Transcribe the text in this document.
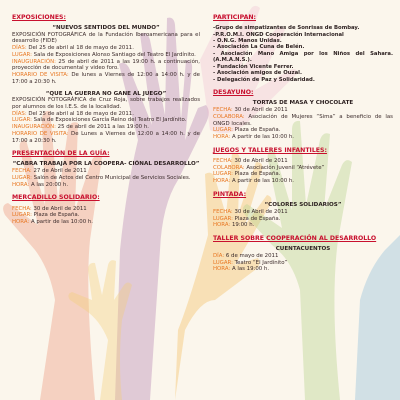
EXPOSICIONES:
“NUEVOS SENTIDOS DEL MUNDO”
EXPOSICIÓN FOTOGRÁFICA de la Fundación Iberoamericana para el desarrollo (FIDE)
DÍAS: Del 25 de abril al 18 de mayo de 2011.
LUGAR: Sala de Exposiciones Alonso Santiago del Teatro El Jardínito.
INAUGURACIÓN: 25 de abril de 2011 a las 19:00 h. a continuación, proyección de documental y video foro.
HORARIO DE VISITA: De lunes a Viernes de 12:00 a 14:00 h. y de 17:00 a 20:30 h.
“QUE LA GUERRA NO GANE AL JUEGO”
EXPOSICIÓN FOTOGRÁFICA de Cruz Roja, sobre trabajos realizados por alumnos de los I.E.S. de la localidad.
DÍAS: Del 25 de abril al 18 de mayo de 2011.
LUGAR: Sala de Exposiciones García Reino del Teatro El Jardínito.
INAUGURACIÓN: 25 de abril de 2011 a las 19:00 h.
HORARIO DE VISITA: De Lunes a Viernes de 12:00 a 14:00 h. y de 17:00 a 20:30 h.
PRESENTACIÓN DE LA GUÍA:
“CABRA TRABAJA POR LA COOPERA- CIÓNAL DESARROLLO”
FECHA: 27 de Abril de 2011
LUGAR: Salón de Actos del Centro Municipal de Servicios Sociales.
HORA: A las 20:00 h.
MERCADILLO SOLIDARIO:
FECHA: 30 de Abril de 2011
LUGAR: Plaza de España.
HORA: A partir de las 10:00 h.
PARTICIPAN:
-Grupo de simpatizantes de Sonrisas de Bombay.
-P.R.O.M.I. ONGD Cooperación Internacional
- O.N.G. Manos Unidas.
- Asociación La Cuna de Belén.
- Asociación Mano Amiga por los Niños del Sahara. (A.M.A.N.S.).
- Fundación Vicente Ferrer.
- Asociación amigos de Ouzal.
- Delegación de Paz y Solidaridad.
DESAYUNO:
TORTAS DE MASA Y CHOCOLATE
FECHA: 30 de Abril de 2011
COLABORA: Asociación de Mujeres “Sima” a beneficio de las ONGD locales.
LUGAR: Plaza de España.
HORA: A partir de las 10:00 h.
JUEGOS Y TALLERES INFANTILES:
FECHA: 30 de Abril de 2011
COLABORA: Asociación Juvenil “Atrévete”
LUGAR: Plaza de España.
HORA: A partir de las 10:00 h.
PINTADA:
“COLORES SOLIDARIOS”
FECHA: 30 de Abril de 2011
LUGAR: Plaza de España.
HORA: 19:00 h.
TALLER SOBRE COOPERACIÓN AL DESARROLLO
CUENTACUENTOS
DÍA: 6 de mayo de 2011
LUGAR: Teatro “El Jardínito”
HORA: A las 19:00 h.
